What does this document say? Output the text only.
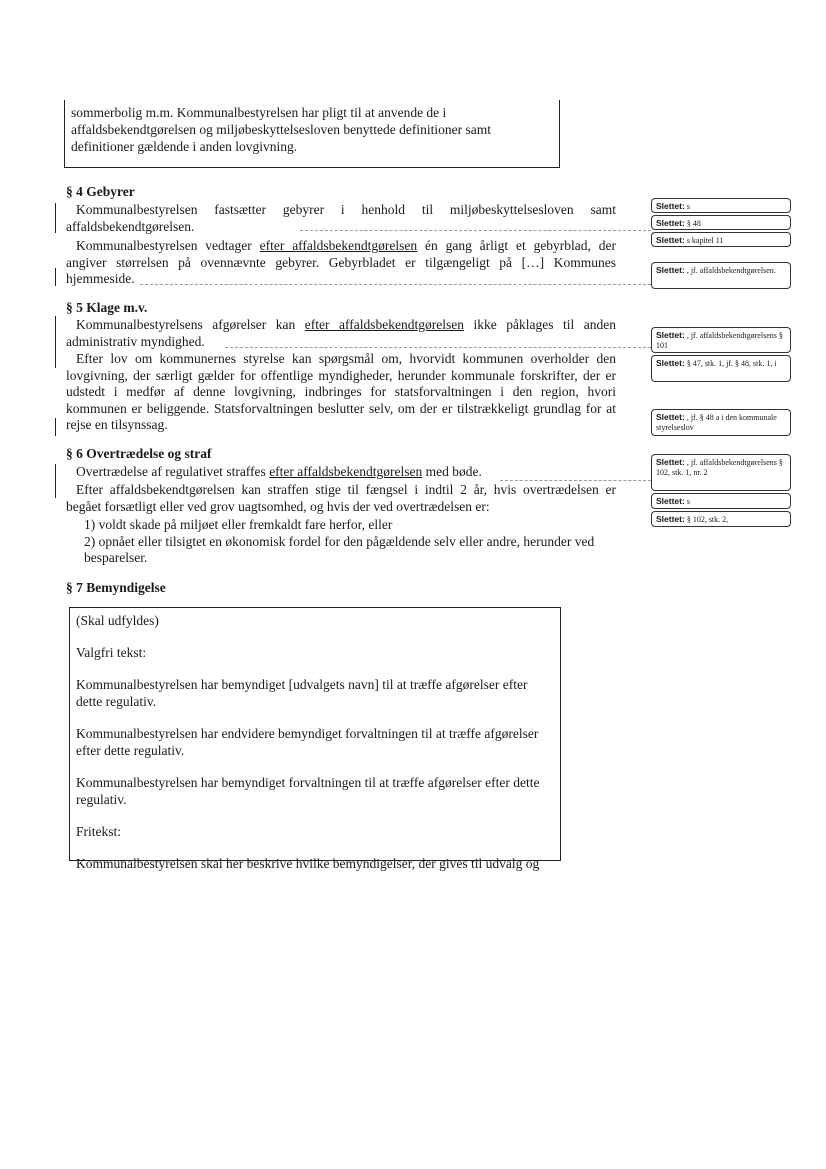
sommerbolig m.m. Kommunalbestyrelsen har pligt til at anvende de i
affaldsbekendtgørelsen og miljøbeskyttelsesloven benyttede definitioner samt
definitioner gældende i anden lovgivning.
§ 4 Gebyrer
Kommunalbestyrelsen fastsætter gebyrer i henhold til miljøbeskyttelsesloven samt
affaldsbekendtgørelsen.
Kommunalbestyrelsen vedtager efter affaldsbekendtgørelsen én gang årligt et gebyrblad, der
angiver størrelsen på ovennævnte gebyrer. Gebyrbladet er tilgængeligt på […] Kommunes
hjemmeside.
§ 5 Klage m.v.
Kommunalbestyrelsens afgørelser kan efter affaldsbekendtgørelsen ikke påklages til anden
administrativ myndighed.
Efter lov om kommunernes styrelse kan spørgsmål om, hvorvidt kommunen overholder den
lovgivning, der særligt gælder for offentlige myndigheder, herunder kommunale forskrifter, der er
udstedt i medfør af denne lovgivning, indbringes for statsforvaltningen i den region, hvori
kommunen er beliggende. Statsforvaltningen beslutter selv, om der er tilstrækkeligt grundlag for at
rejse en tilsynssag.
§ 6 Overtrædelse og straf
Overtrædelse af regulativet straffes efter affaldsbekendtgørelsen med bøde.
Efter affaldsbekendtgørelsen kan straffen stige til fængsel i indtil 2 år, hvis overtrædelsen er
begået forsætligt eller ved grov uagtsomhed, og hvis der ved overtrædelsen er:
1) voldt skade på miljøet eller fremkaldt fare herfor, eller
2) opnået eller tilsigtet en økonomisk fordel for den pågældende selv eller andre, herunder ved
besparelser.
§ 7 Bemyndigelse

(Skal udfyldes)

Valgfri tekst:

Kommunalbestyrelsen har bemyndiget [udvalgets navn] til at træffe afgørelser efter dette regulativ.

Kommunalbestyrelsen har endvidere bemyndiget forvaltningen til at træffe afgørelser efter dette regulativ.

Kommunalbestyrelsen har bemyndiget forvaltningen til at træffe afgørelser efter dette regulativ.

Fritekst:

Kommunalbestyrelsen skal her beskrive hvilke bemyndigelser, der gives til udvalg og

Slettet: s
Slettet: § 48
Slettet: s kapitel 11
Slettet: , jf. affaldsbekendtgørelsen.
Slettet: , jf. affaldsbekendtgørelsens § 101
Slettet: § 47, stk. 1, jf. § 48, stk. 1, i
Slettet: , jf. § 48 a i den kommunale styrelseslov
Slettet: , jf. affaldsbekendtgørelsens § 102, stk. 1, nr. 2
Slettet: s
Slettet: § 102, stk. 2,
